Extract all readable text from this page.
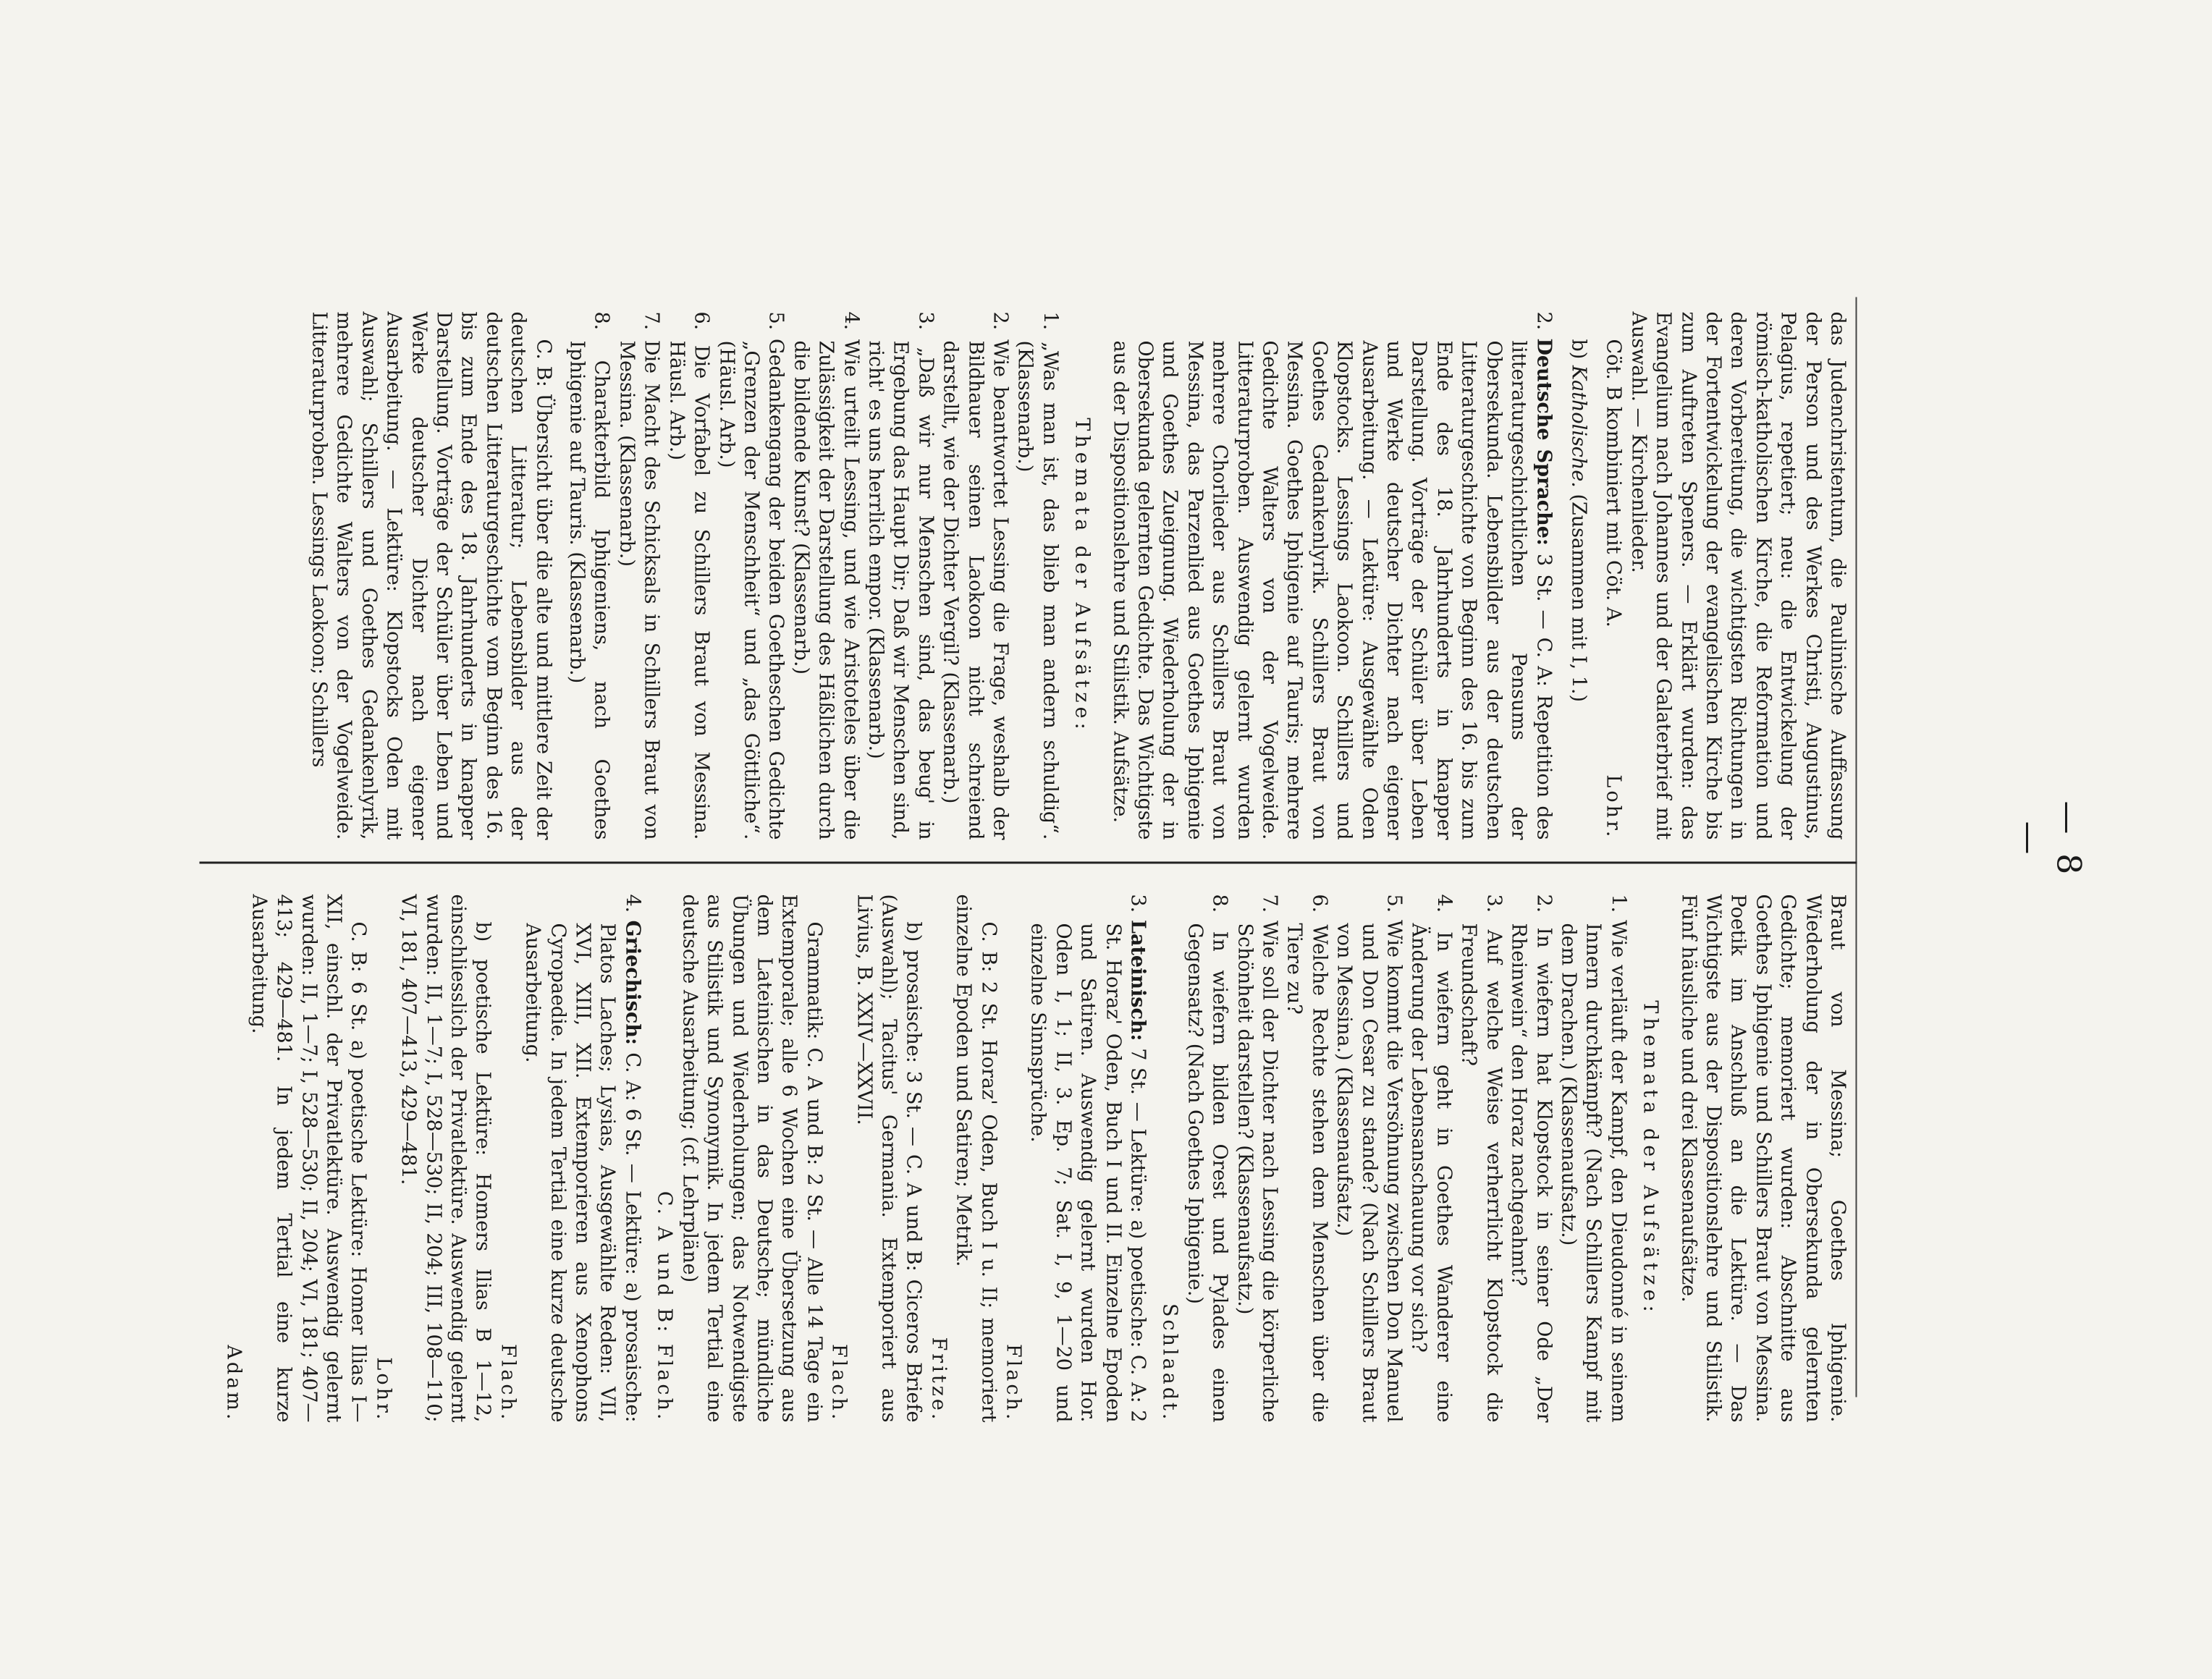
— 8 —

das Judenchristentum, die Paulinische Auffassung der Person und des Werkes Christi, Augustinus, Pelagius, repetiert; neu: die Entwickelung der römisch-katholischen Kirche, die Reformation und deren Vorbereitung, die wichtigsten Richtungen in der Fortentwickelung der evangelischen Kirche bis zum Auftreten Speners. — Erklärt wurden: das Evangelium nach Johannes und der Galaterbrief mit Auswahl. — Kirchenlieder.

Cöt. B kombiniert mit Cöt. A.
Lohr.

b) Katholische. (Zusammen mit I, 1.)

2. Deutsche Sprache: 3 St. — C. A: Repetition des litteraturgeschichtlichen Pensums der Obersekunda. Lebensbilder aus der deutschen Litteraturgeschichte von Beginn des 16. bis zum Ende des 18. Jahrhunderts in knapper Darstellung. Vorträge der Schüler über Leben und Werke deutscher Dichter nach eigener Ausarbeitung. — Lektüre: Ausgewählte Oden Klopstocks. Lessings Laokoon. Schillers und Goethes Gedankenlyrik. Schillers Braut von Messina. Goethes Iphigenie auf Tauris; mehrere Gedichte Walters von der Vogelweide. Litteraturproben. Auswendig gelernt wurden mehrere Chorlieder aus Schillers Braut von Messina, das Parzenlied aus Goethes Iphigenie und Goethes Zueignung. Wiederholung der in Obersekunda gelernten Gedichte. Das Wichtigste aus der Dispositionslehre und Stilistik. Aufsätze.

Themata der Aufsätze:

1. „Was man ist, das blieb man andern schuldig“. (Klassenarb.)

2. Wie beantwortet Lessing die Frage, weshalb der Bildhauer seinen Laokoon nicht schreiend darstellt, wie der Dichter Vergil? (Klassenarb.)

3. „Daß wir nur Menschen sind, das beug' in Ergebung das Haupt Dir; Daß wir Menschen sind, richt' es uns herrlich empor. (Klassenarb.)

4. Wie urteilt Lessing, und wie Aristoteles über die Zulässigkeit der Darstellung des Häßlichen durch die bildende Kunst? (Klassenarb.)

5. Gedankengang der beiden Goetheschen Gedichte „Grenzen der Menschheit“ und „das Göttliche“. (Häusl. Arb.)

6. Die Vorfabel zu Schillers Braut von Messina. Häusl. Arb.)

7. Die Macht des Schicksals in Schillers Braut von Messina. (Klassenarb.)

8. Charakterbild Iphigeniens, nach Goethes Iphigenie auf Tauris. (Klassenarb.)

C. B: Übersicht über die alte und mittlere Zeit der deutschen Litteratur; Lebensbilder aus der deutschen Litteraturgeschichte vom Beginn des 16. bis zum Ende des 18. Jahrhunderts in knapper Darstellung. Vorträge der Schüler über Leben und Werke deutscher Dichter nach eigener Ausarbeitung. — Lektüre: Klopstocks Oden mit Auswahl; Schillers und Goethes Gedankenlyrik, mehrere Gedichte Walters von der Vogelweide. Litteraturproben. Lessings Laokoon; Schillers

Braut von Messina; Goethes Iphigenie. Wiederholung der in Obersekunda gelernten Gedichte; memoriert wurden: Abschnitte aus Goethes Iphigenie und Schillers Braut von Messina. Poetik im Anschluß an die Lektüre. — Das Wichtigste aus der Dispositionslehre und Stilistik. Fünf häusliche und drei Klassenaufsätze.

Themata der Aufsätze:

1. Wie verläuft der Kampf, den Dieudonné in seinem Innern durchkämpft? (Nach Schillers Kampf mit dem Drachen.) (Klassenaufsatz.)

2. In wiefern hat Klopstock in seiner Ode „Der Rheinwein“ den Horaz nachgeahmt?

3. Auf welche Weise verherrlicht Klopstock die Freundschaft?

4. In wiefern geht in Goethes Wanderer eine Änderung der Lebensanschauung vor sich?

5. Wie kommt die Versöhnung zwischen Don Manuel und Don Cesar zu stande? (Nach Schillers Braut von Messina.) (Klassenaufsatz.)

6. Welche Rechte stehen dem Menschen über die Tiere zu?

7. Wie soll der Dichter nach Lessing die körperliche Schönheit darstellen? (Klassenaufsatz.)

8. In wiefern bilden Orest und Pylades einen Gegensatz? (Nach Goethes Iphigenie.)

Schlaadt.

3. Lateinisch: 7 St. — Lektüre: a) poetische: C. A: 2 St. Horaz' Oden, Buch I und II. Einzelne Epoden und Satiren. Auswendig gelernt wurden Hor. Oden I, 1; II, 3. Ep. 7; Sat. I, 9, 1—20 und einzelne Sinnsprüche.

Flach.

C. B: 2 St. Horaz' Oden, Buch I u. II; memoriert einzelne Epoden und Satiren; Metrik.

Fritze.

b) prosaische: 3 St. — C. A und B: Ciceros Briefe (Auswahl); Tacitus' Germania. Extemporiert aus Livius, B. XXIV—XXVII.

Flach.

Grammatik: C. A und B: 2 St. — Alle 14 Tage ein Extemporale; alle 6 Wochen eine Übersetzung aus dem Lateinischen in das Deutsche; mündliche Übungen und Wiederholungen; das Notwendigste aus Stilistik und Synonymik. In jedem Tertial eine deutsche Ausarbeitung; (cf. Lehrpläne)

C. A und B: Flach.

4. Griechisch: C. A: 6 St. — Lektüre: a) prosaische: Platos Laches; Lysias, Ausgewählte Reden: VII, XVI, XIII, XII. Extemporieren aus Xenophons Cyropaedie. In jedem Tertial eine kurze deutsche Ausarbeitung.

Flach.

b) poetische Lektüre: Homers Ilias B 1—12, einschliesslich der Privatlektüre. Auswendig gelernt wurden: II, 1—7; I, 528—530; II, 204; III, 108—110; VI, 181, 407—413, 429—481.

Lohr.

C. B: 6 St. a) poetische Lektüre: Homer Ilias I—XII, einschl. der Privatlektüre. Auswendig gelernt wurden: II, 1—7; I, 528—530; II, 204; VI, 181; 407—413; 429—481. In jedem Tertial eine kurze Ausarbeitung.

Adam.
